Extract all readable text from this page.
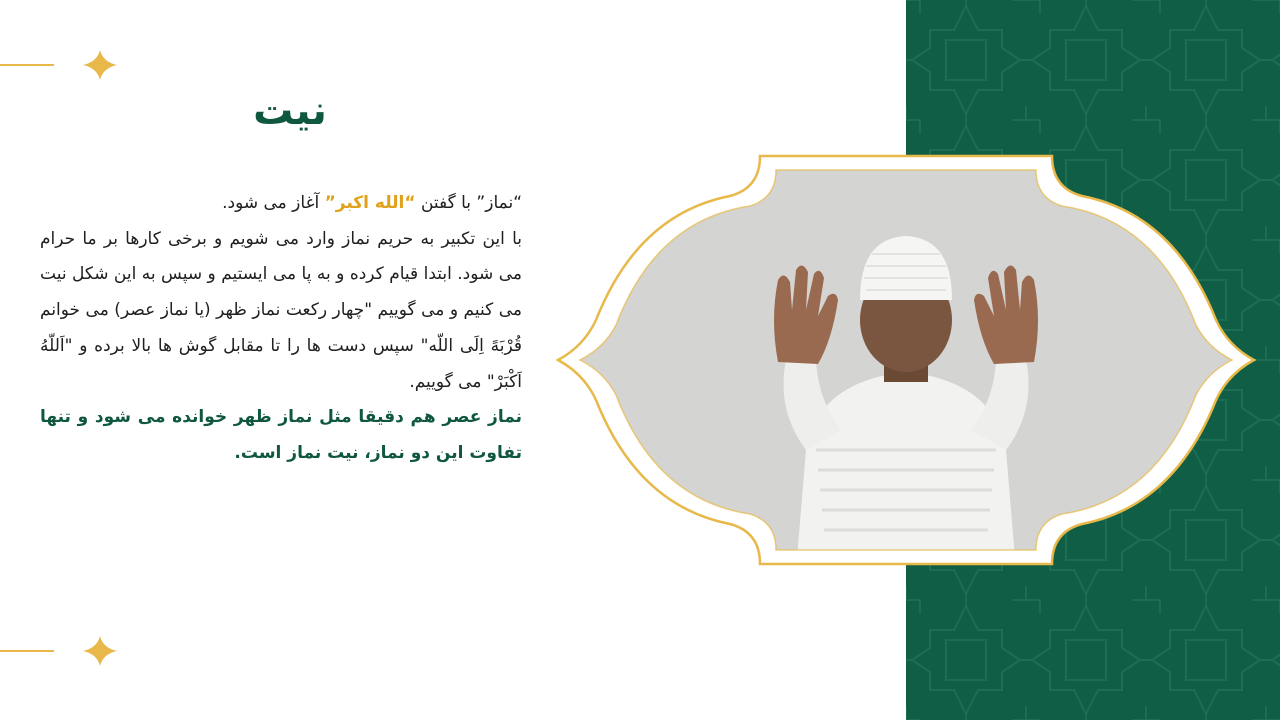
نیت

“نماز” با گفتن “الله اکبر” آغاز می شود.

با این تکبیر به حریم نماز وارد می شویم و برخی کارها بر ما حرام می شود. ابتدا قیام کرده و به پا می ایستیم و سپس به این شکل نیت می کنیم و می گوییم "چهار رکعت نماز ظهر (یا نماز عصر) می خوانم قُرْبَهً اِلَی اللّه" سپس دست ها را تا مقابل گوش ها بالا برده و "اَللّهُ اَکْبَرْ" می گوییم.

نماز عصر هم دقیقا مثل نماز ظهر خوانده می شود و تنها تفاوت این دو نماز، نیت نماز است.
